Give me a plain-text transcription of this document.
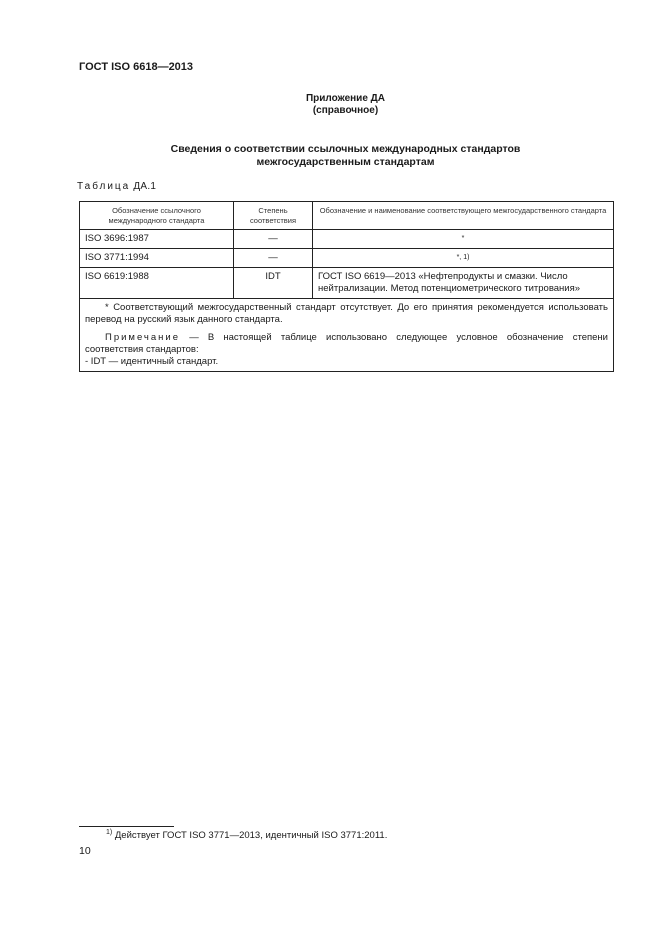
ГОСТ ISO 6618—2013
Приложение ДА
(справочное)
Сведения о соответствии ссылочных международных стандартов
межгосударственным стандартам
Таблица ДА.1
Обозначение ссылочного международного стандарта	Степень соответствия	Обозначение и наименование соответствующего межгосударственного стандарта
ISO 3696:1987	—	*
ISO 3771:1994	—	*, 1)
ISO 6619:1988	IDT	ГОСТ ISO 6619—2013 «Нефтепродукты и смазки. Число нейтрализации. Метод потенциометрического титрования»

* Соответствующий межгосударственный стандарт отсутствует. До его принятия рекомендуется использовать перевод на русский язык данного стандарта.

Примечание — В настоящей таблице использовано следующее условное обозначение степени соответствия стандартов:

- IDT — идентичный стандарт.		
$^{1)}$ Действует ГОСТ ISO 3771—2013, идентичный ISO 3771:2011.
10
